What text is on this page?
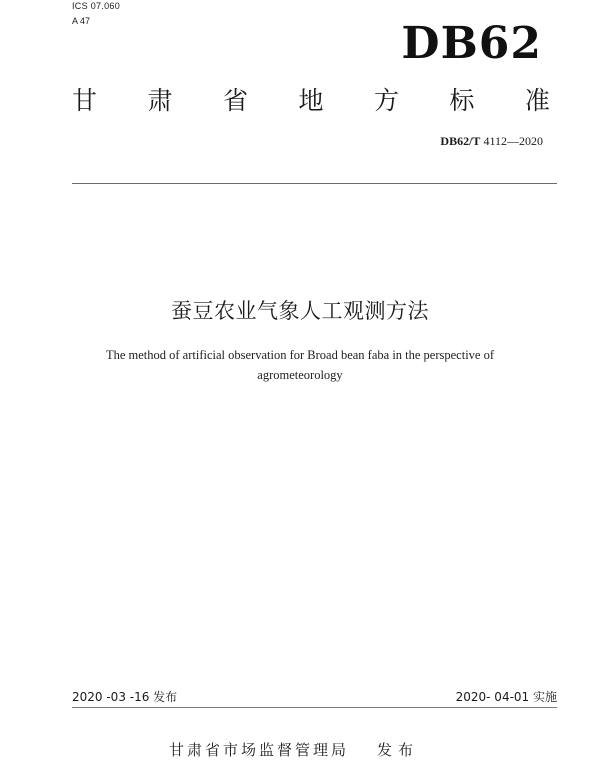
ICS 07.060
A 47	DB62
甘 肃 省 地 方 标 准
DB62/T 4112—2020
蚕豆农业气象人工观测方法
The method of artificial observation for Broad bean faba in the perspective of
agrometeorology
2020 -03 -16 发布	2020- 04-01 实施
甘肃省市场监督管理局 发布
